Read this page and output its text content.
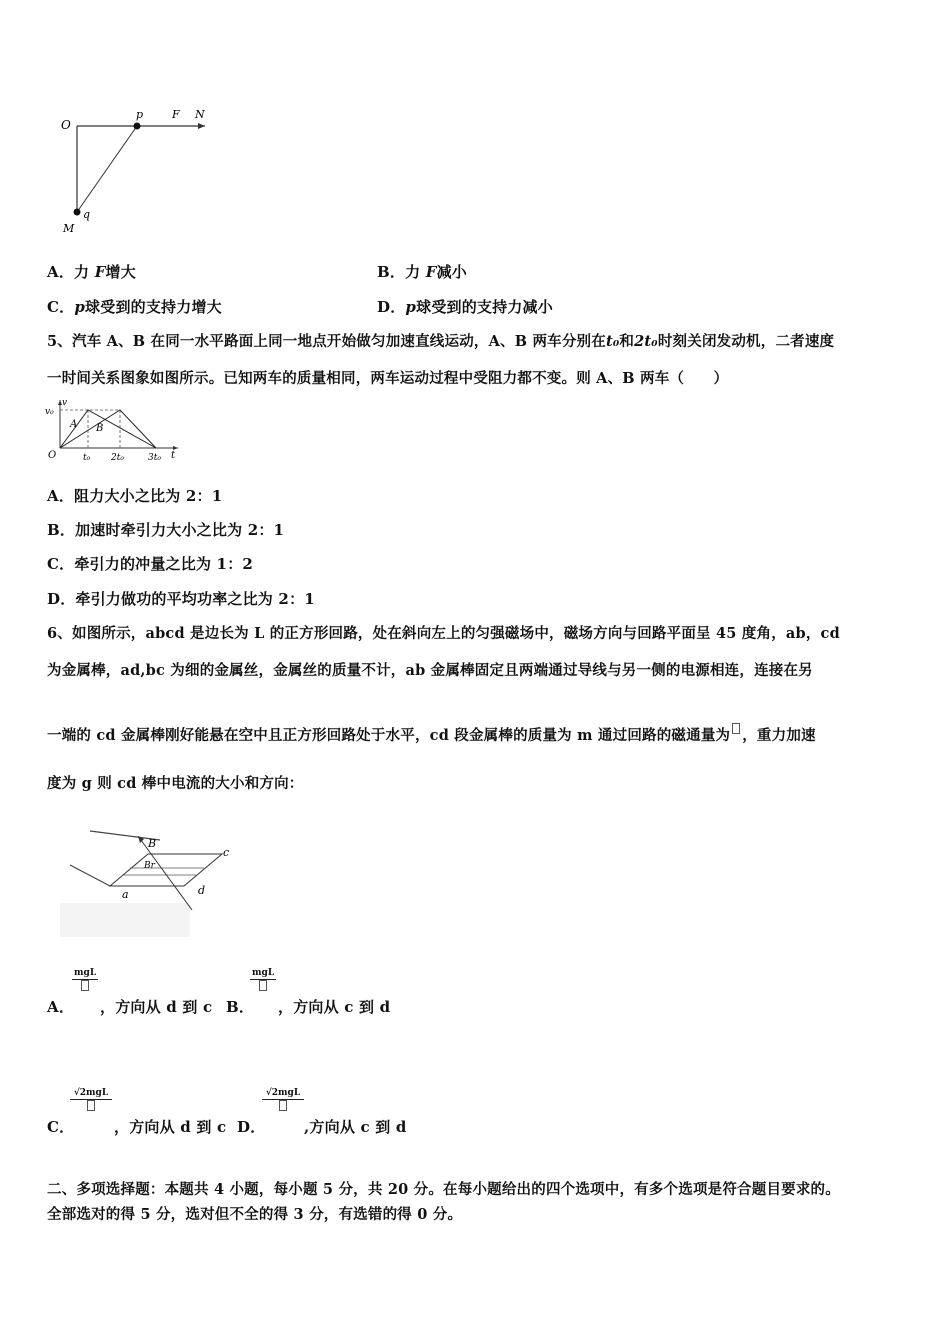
O
p	F N
q
M
A．力 F增大	B．力 F减小
C．p球受到的支持力增大	D．p球受到的支持力减小
5、汽车 A、B 在同一水平路面上同一地点开始做匀加速直线运动，A、B 两车分别在t₀和2t₀时刻关闭发动机，二者速度
一时间关系图象如图所示。已知两车的质量相同，两车运动过程中受阻力都不变。则 A、B 两车（　　）
v
v₀
O	t
t₀ 2t₀	3t₀
A B
A．阻力大小之比为 2：1
B．加速时牵引力大小之比为 2：1
C．牵引力的冲量之比为 1：2
D．牵引力做功的平均功率之比为 2：1
6、如图所示，abcd 是边长为 L 的正方形回路，处在斜向左上的匀强磁场中，磁场方向与回路平面呈 45 度角，ab，cd
为金属棒，ad,bc 为细的金属丝，金属丝的质量不计，ab 金属棒固定且两端通过导线与另一侧的电源相连，连接在另
一端的 cd 金属棒刚好能悬在空中且正方形回路处于水平，cd 段金属棒的质量为 m 通过回路的磁通量为 ，重力加速
度为 g 则 cd 棒中电流的大小和方向：
B
Br
c
a	d
A．
mgL
，方向从 d 到 c B．
mgL
，方向从 c 到 d
C．
√2mgL
，方向从 d 到 c D．
√2mgL
,方向从 c 到 d
二、多项选择题：本题共 4 小题，每小题 5 分，共 20 分。在每小题给出的四个选项中，有多个选项是符合题目要求的。
全部选对的得 5 分，选对但不全的得 3 分，有选错的得 0 分。
